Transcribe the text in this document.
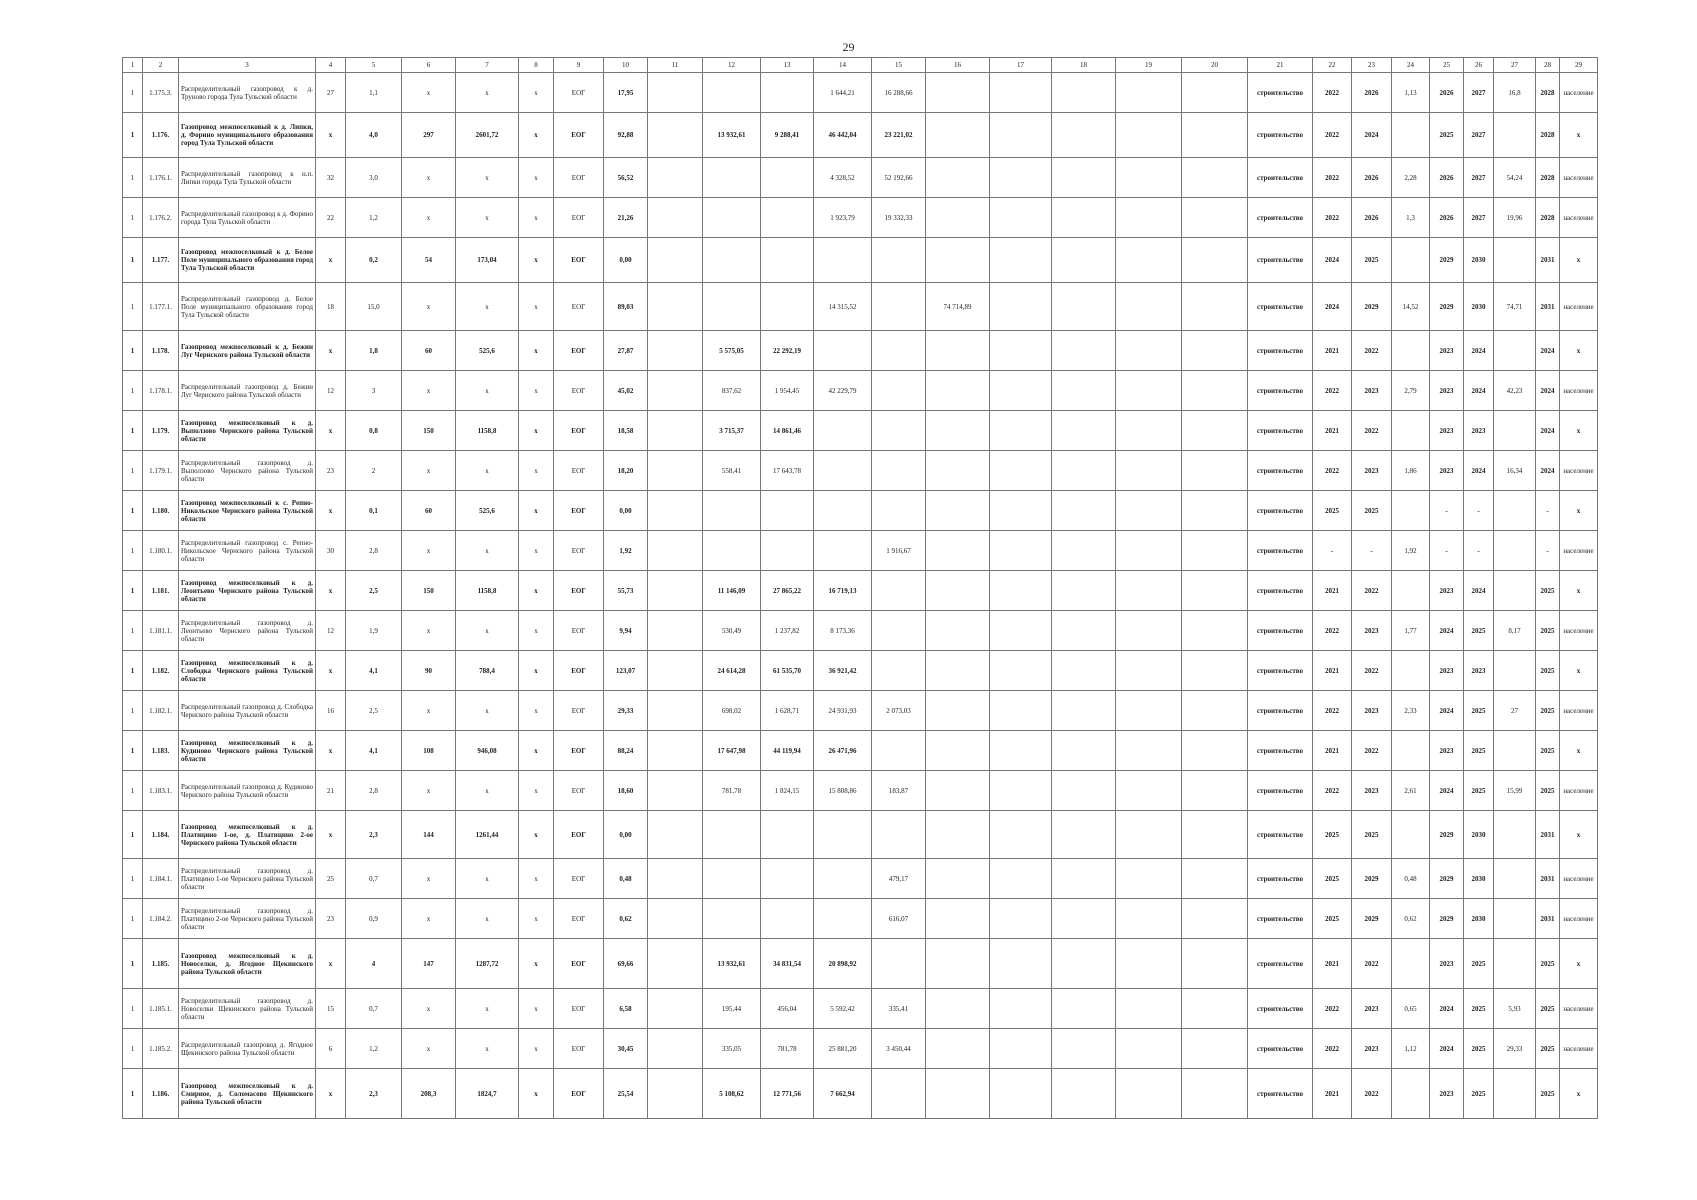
29
1	2	3	4	5	6	7	8	9	10	11	12	13	14	15	16	17	18	19	20	21	22	23	24	25	26	27	28	29
1	1.175.3.	Распределительный газопровод к д. Труново города Тула Тульской области	27	1,1	x	x	x	ЕОГ	17,95				1 644,21	16 288,66						строительство	2022	2026	1,13	2026	2027	16,8	2028	население
1	1.176.	Газопровод межпоселковый к д. Липки, д. Форино муниципального образования город Тула Тульской области	x	4,0	297	2601,72	x	ЕОГ	92,88		13 932,61	9 288,41	46 442,04	23 221,02						строительство	2022	2024		2025	2027		2028	x
1	1.176.1.	Распределительный газопровод к н.п. Липки города Тула Тульской области	32	3,0	x	x	x	ЕОГ	56,52				4 328,52	52 192,66						строительство	2022	2026	2,28	2026	2027	54,24	2028	население
1	1.176.2.	Распределительный газопровод к д. Форино города Тула Тульской области	22	1,2	x	x	x	ЕОГ	21,26				1 923,79	19 332,33						строительство	2022	2026	1,3	2026	2027	19,96	2028	население
1	1.177.	Газопровод межпоселковый к д. Белое Поле муниципального образования город Тула Тульской области	x	0,2	54	173,04	x	ЕОГ	0,00											строительство	2024	2025		2029	2030		2031	x
1	1.177.1.	Распределительный газопровод д. Белое Поле муниципального образования город Тула Тульской области	18	15,0	x	x	x	ЕОГ	89,03				14 315,52		74 714,89					строительство	2024	2029	14,52	2029	2030	74,71	2031	население
1	1.178.	Газопровод межпоселковый к д. Бежин Луг Чернского района Тульской области	x	1,8	60	525,6	x	ЕОГ	27,87		5 575,05	22 292,19								строительство	2021	2022		2023	2024		2024	x
1	1.178.1.	Распределительный газопровод д. Бежин Луг Чернского района Тульской области	12	3	x	x	x	ЕОГ	45,02		837,62	1 954,45	42 229,79							строительство	2022	2023	2,79	2023	2024	42,23	2024	население
1	1.179.	Газопровод межпоселковый к д. Выползово Чернского района Тульской области	x	0,8	150	1158,8	x	ЕОГ	18,58		3 715,37	14 861,46								строительство	2021	2022		2023	2023		2024	x
1	1.179.1.	Распределительный газопровод д. Выползово Чернского района Тульской области	23	2	x	x	x	ЕОГ	18,20		558,41	17 643,78								строительство	2022	2023	1,86	2023	2024	16,34	2024	население
1	1.180.	Газопровод межпоселковый к с. Репно-Никольское Чернского района Тульской области	x	0,1	60	525,6	x	ЕОГ	0,00											строительство	2025	2025		-	-		-	x
1	1.180.1.	Распределительный газопровод с. Репно-Никольское Чернского района Тульской области	30	2,8	x	x	x	ЕОГ	1,92					1 916,67						строительство	-	-	1,92	-	-		-	население
1	1.181.	Газопровод межпоселковый к д. Леонтьево Чернского района Тульской области	x	2,5	150	1158,8	x	ЕОГ	55,73		11 146,09	27 865,22	16 719,13							строительство	2021	2022		2023	2024		2025	x
1	1.181.1.	Распределительный газопровод д. Леонтьево Чернского района Тульской области	12	1,9	x	x	x	ЕОГ	9,94		530,49	1 237,82	8 173,36							строительство	2022	2023	1,77	2024	2025	8,17	2025	население
1	1.182.	Газопровод межпоселковый к д. Слободка Чернского района Тульской области	x	4,1	90	788,4	x	ЕОГ	123,07		24 614,28	61 535,70	36 921,42							строительство	2021	2022		2023	2023		2025	x
1	1.182.1.	Распределительный газопровод д. Слободка Чернского района Тульской области	16	2,5	x	x	x	ЕОГ	29,33		698,02	1 628,71	24 931,93	2 073,03						строительство	2022	2023	2,33	2024	2025	27	2025	население
1	1.183.	Газопровод межпоселковый к д. Кудиново Чернского района Тульской области	x	4,1	108	946,08	x	ЕОГ	88,24		17 647,98	44 119,94	26 471,96							строительство	2021	2022		2023	2025		2025	x
1	1.183.1.	Распределительный газопровод д. Кудиново Чернского района Тульской области	21	2,8	x	x	x	ЕОГ	18,60		781,78	1 824,15	15 808,86	183,87						строительство	2022	2023	2,61	2024	2025	15,99	2025	население
1	1.184.	Газопровод межпоселковый к д. Платицино 1-ое, д. Платицино 2-ое Чернского района Тульской области	x	2,3	144	1261,44	x	ЕОГ	0,00											строительство	2025	2025		2029	2030		2031	x
1	1.184.1.	Распределительный газопровод д. Платицино 1-ое Чернского района Тульской области	25	0,7	x	x	x	ЕОГ	0,48					479,17						строительство	2025	2029	0,48	2029	2030		2031	население
1	1.184.2.	Распределительный газопровод д. Платицино 2-ое Чернского района Тульской области	23	0,9	x	x	x	ЕОГ	0,62					616,07						строительство	2025	2029	0,62	2029	2030		2031	население
1	1.185.	Газопровод межпоселковый к д. Новоселки, д. Ягодное Щекинского района Тульской области	x	4	147	1287,72	x	ЕОГ	69,66		13 932,61	34 831,54	20 898,92							строительство	2021	2022		2023	2025		2025	x
1	1.185.1.	Распределительный газопровод д. Новоселки Щекинского района Тульской области	15	0,7	x	x	x	ЕОГ	6,58		195,44	456,04	5 592,42	335,41						строительство	2022	2023	0,65	2024	2025	5,93	2025	население
1	1.185.2.	Распределительный газопровод д. Ягодное Щекинского района Тульской области	6	1,2	x	x	x	ЕОГ	30,45		335,05	781,78	25 881,20	3 450,44						строительство	2022	2023	1,12	2024	2025	29,33	2025	население
1	1.186.	Газопровод межпоселковый к д. Смирное, д. Соломасово Щекинского района Тульской области	x	2,3	208,3	1824,7	x	ЕОГ	25,54		5 108,62	12 771,56	7 662,94							строительство	2021	2022		2023	2025		2025	x
